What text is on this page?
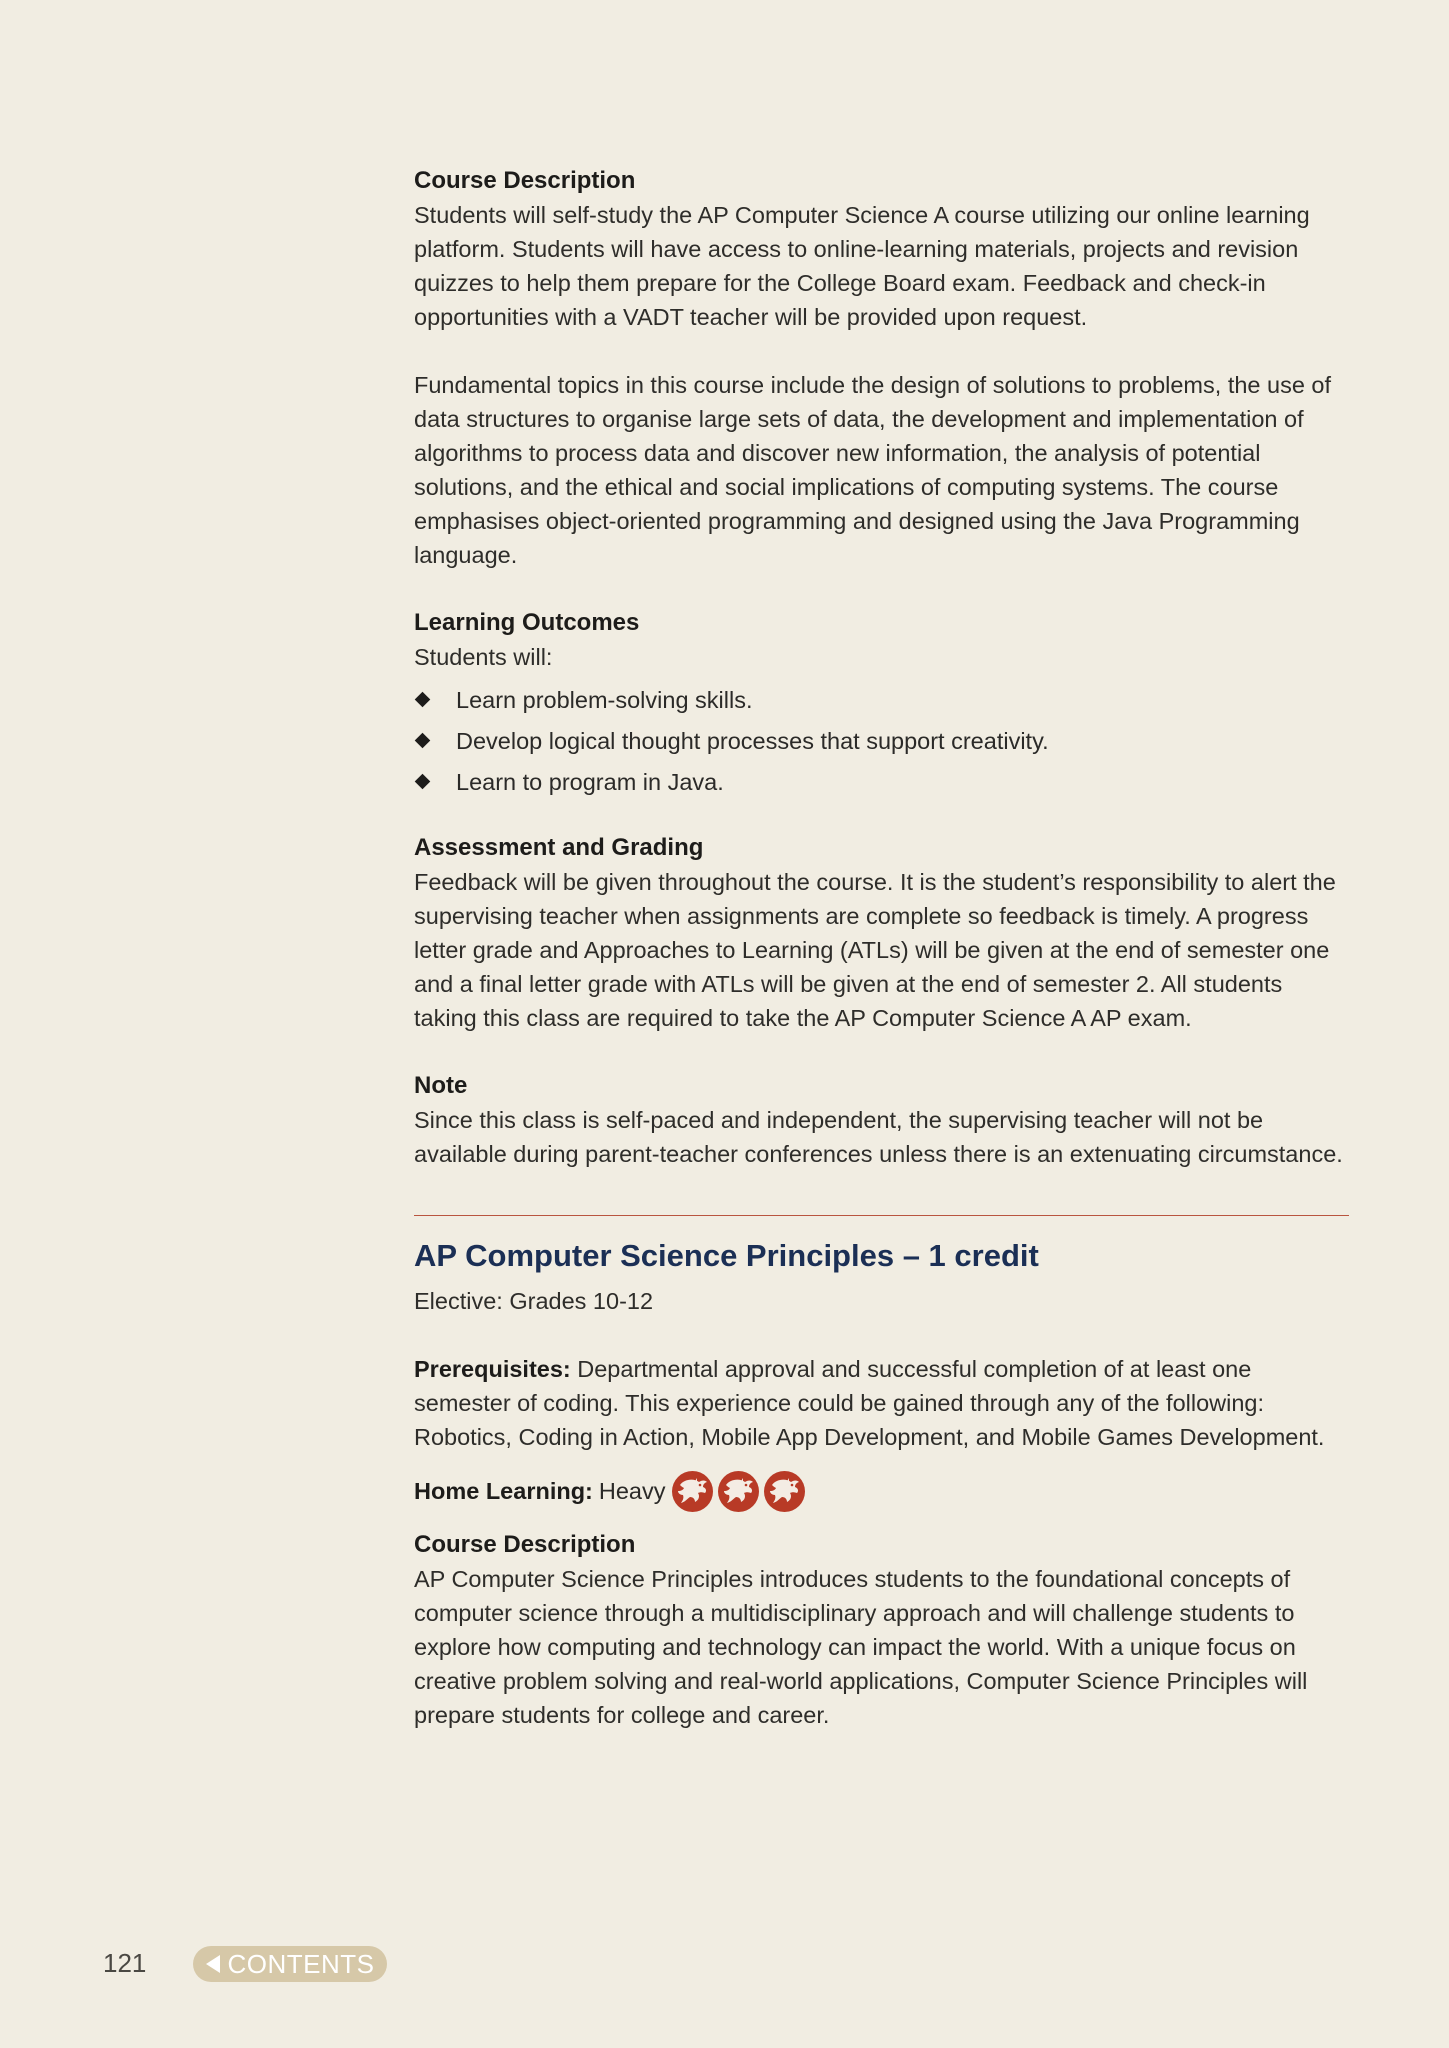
Course Description

Students will self-study the AP Computer Science A course utilizing our online learning platform. Students will have access to online-learning materials, projects and revision quizzes to help them prepare for the College Board exam. Feedback and check-in opportunities with a VADT teacher will be provided upon request.

Fundamental topics in this course include the design of solutions to problems, the use of data structures to organise large sets of data, the development and implementation of algorithms to process data and discover new information, the analysis of potential solutions, and the ethical and social implications of computing systems. The course emphasises object-oriented programming and designed using the Java Programming language.

Learning Outcomes

Students will:

Learn problem-solving skills.
Develop logical thought processes that support creativity.
Learn to program in Java.

Assessment and Grading

Feedback will be given throughout the course. It is the student’s responsibility to alert the supervising teacher when assignments are complete so feedback is timely. A progress letter grade and Approaches to Learning (ATLs) will be given at the end of semester one and a final letter grade with ATLs will be given at the end of semester 2. All students taking this class are required to take the AP Computer Science A AP exam.

Note

Since this class is self-paced and independent, the supervising teacher will not be available during parent-teacher conferences unless there is an extenuating circumstance.

AP Computer Science Principles – 1 credit

Elective: Grades 10-12

Prerequisites: Departmental approval and successful completion of at least one semester of coding. This experience could be gained through any of the following: Robotics, Coding in Action, Mobile App Development, and Mobile Games Development.

Home Learning: Heavy

Course Description

AP Computer Science Principles introduces students to the foundational concepts of computer science through a multidisciplinary approach and will challenge students to explore how computing and technology can impact the world. With a unique focus on creative problem solving and real-world applications, Computer Science Principles will prepare students for college and career.

121	CONTENTS
